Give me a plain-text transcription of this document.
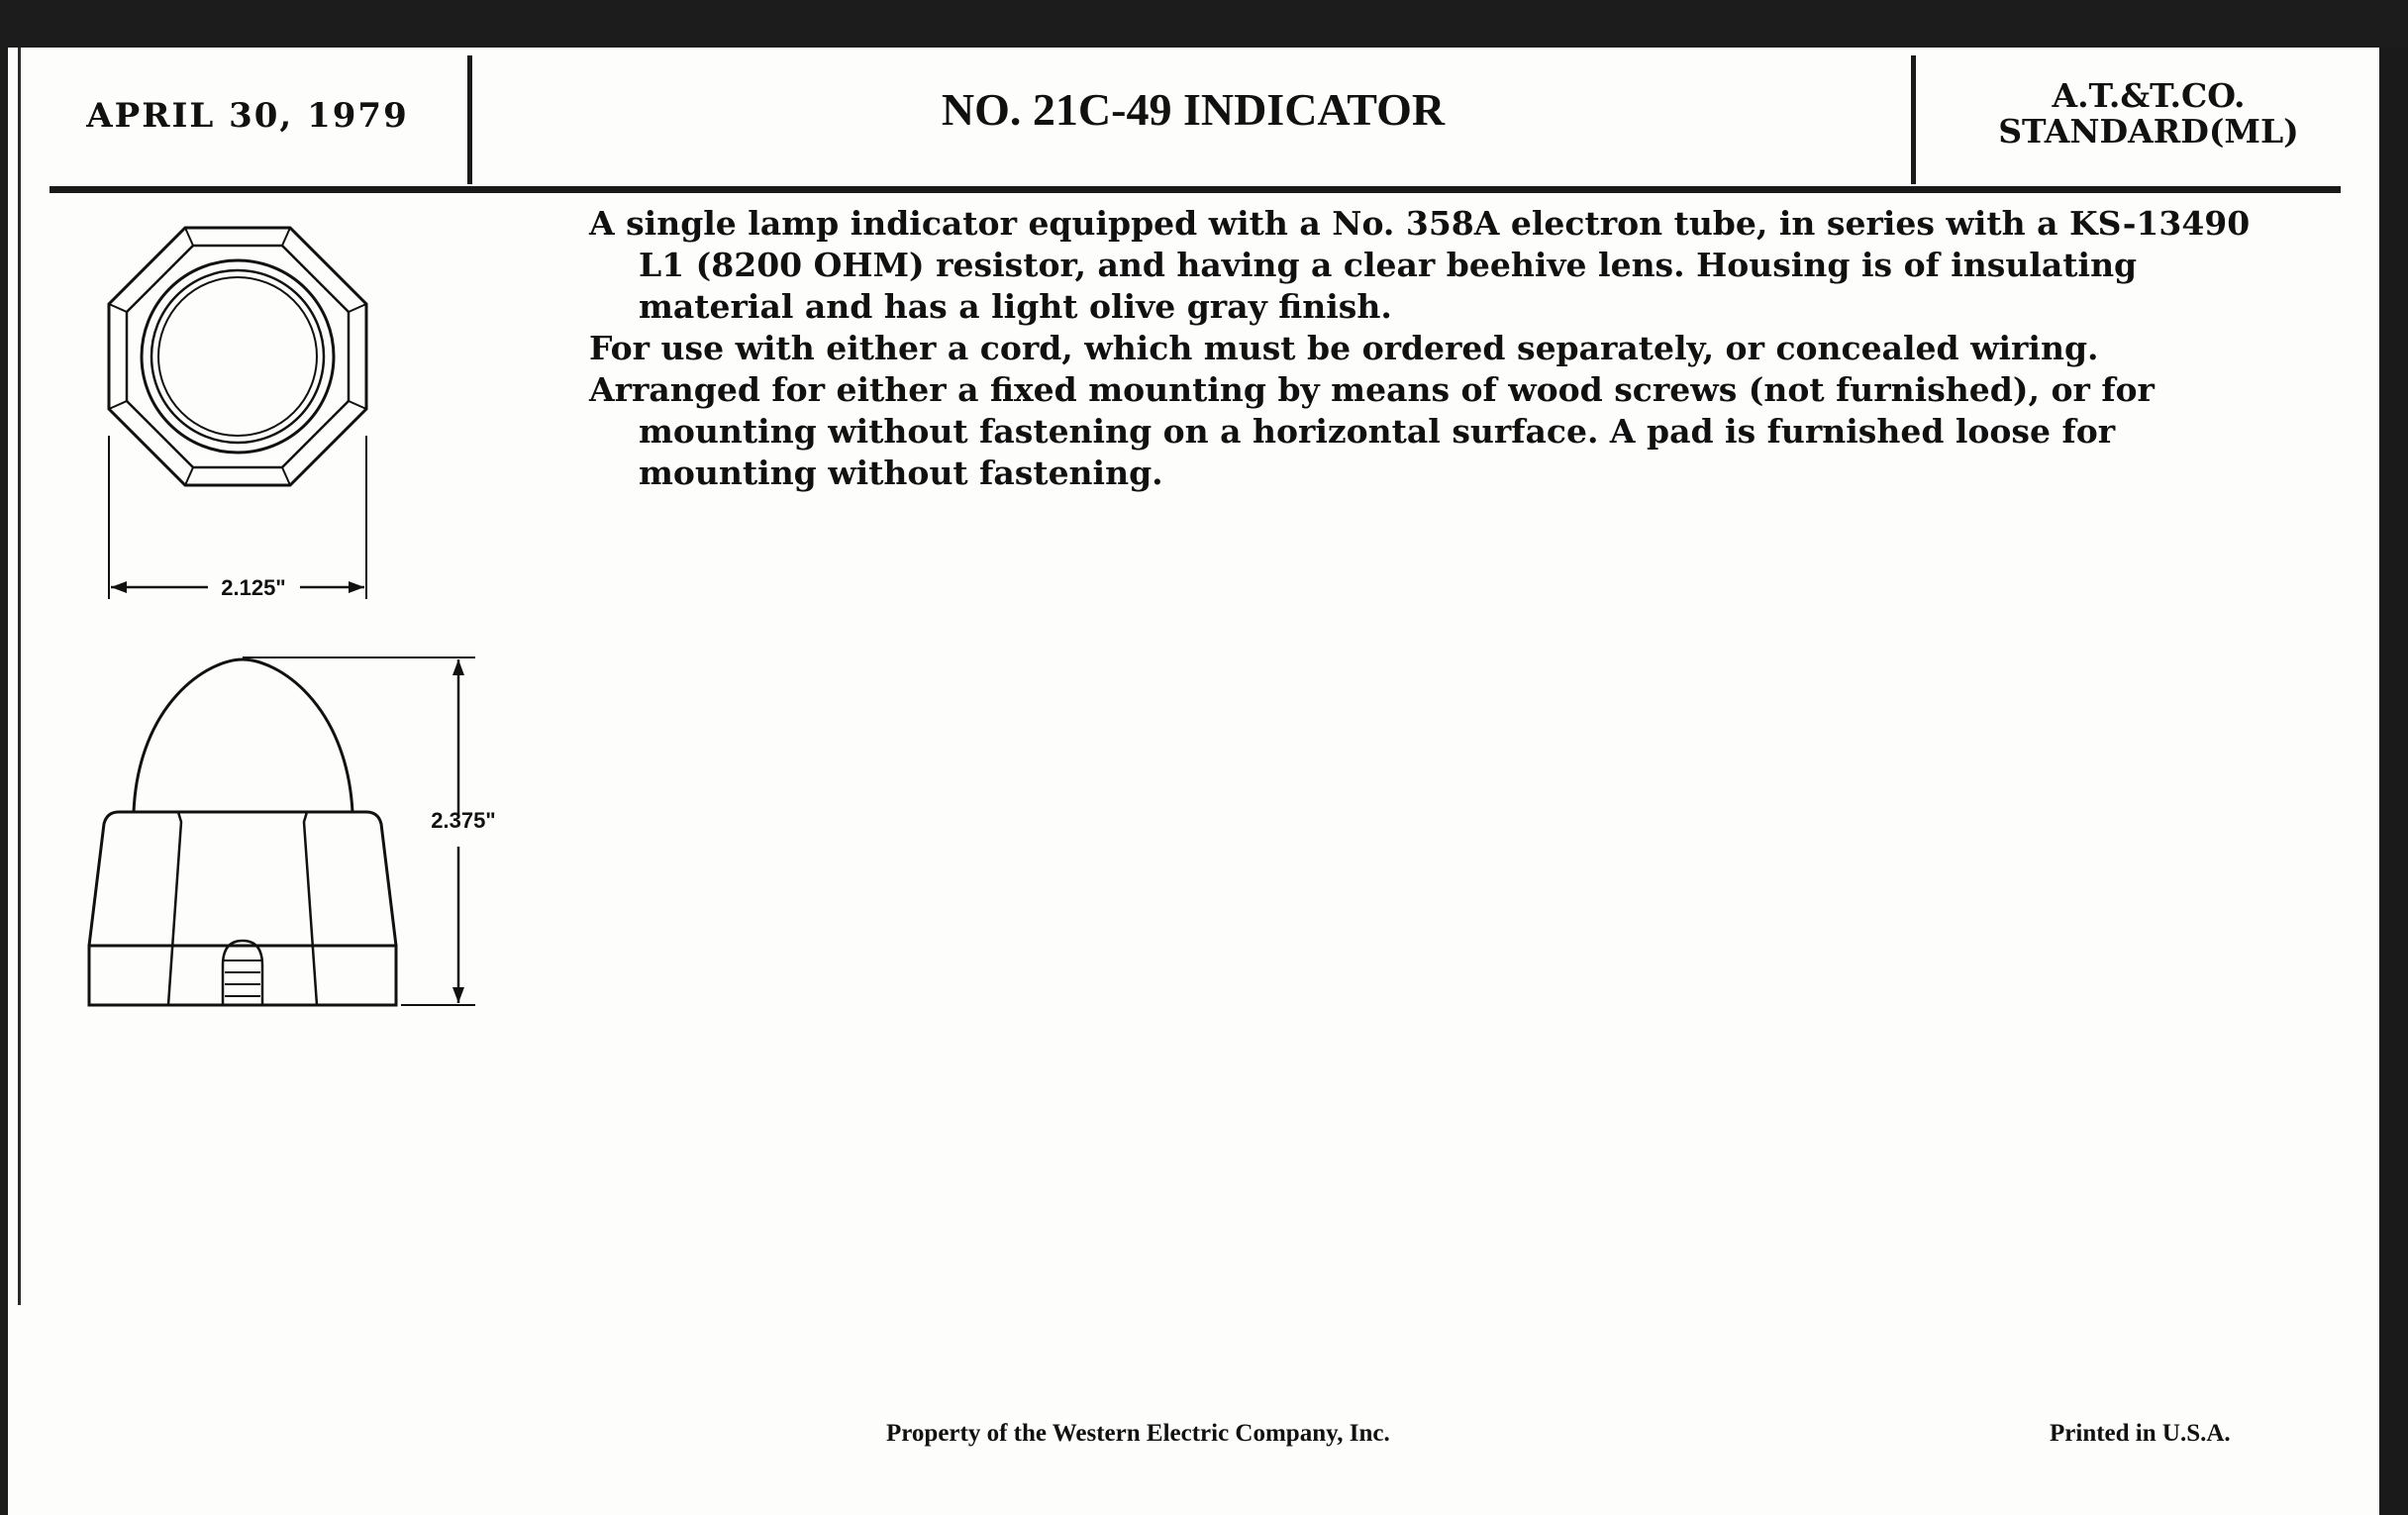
APRIL 30, 1979	NO. 21C-49 INDICATOR	A.T.&T.CO.
STANDARD(ML)

A single lamp indicator equipped with a No. 358A electron tube, in series with a KS-13490 L1 (8200 OHM) resistor, and having a clear beehive lens. Housing is of insulating material and has a light olive gray finish.

For use with either a cord, which must be ordered separately, or concealed wiring.

Arranged for either a fixed mounting by means of wood screws (not furnished), or for mounting without fastening on a horizontal surface. A pad is furnished loose for mounting without fastening.

2.125"
2.375"
Property of the Western Electric Company, Inc.	Printed in U.S.A.
